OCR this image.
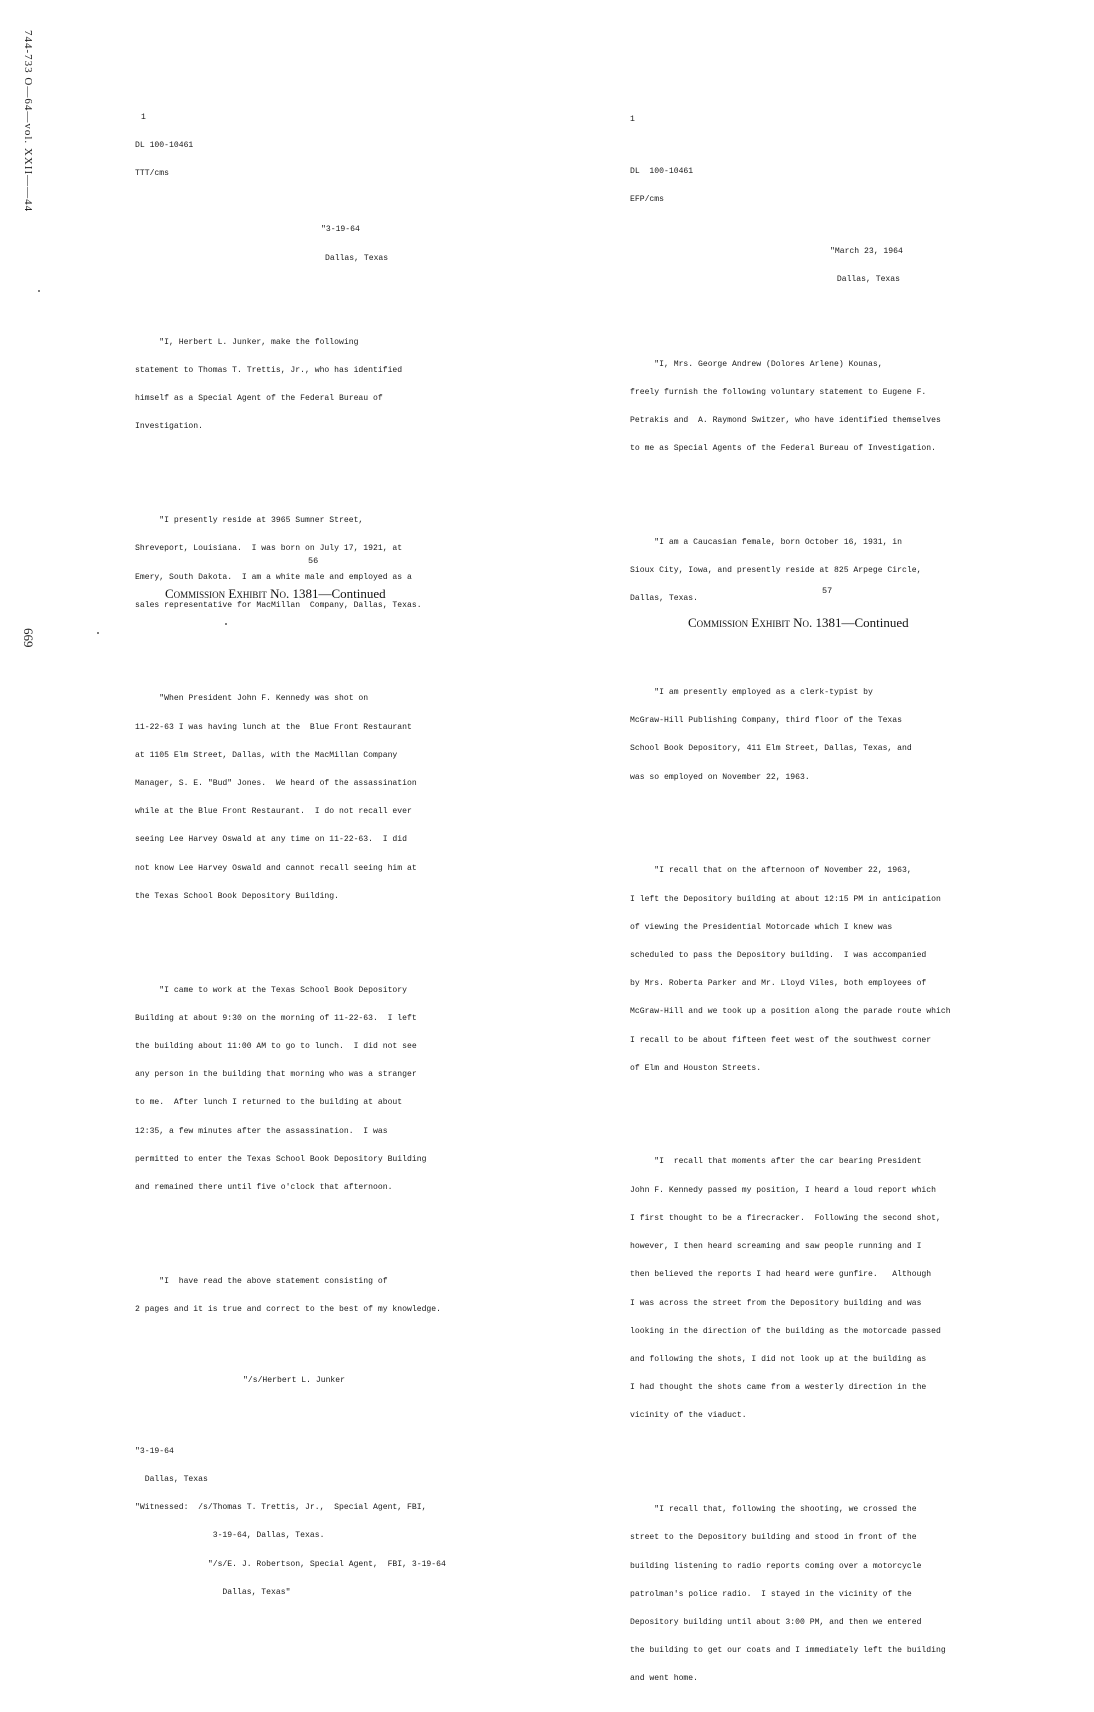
744-733 O—64—vol. XXII——44
669

1

DL 100-10461

TTT/cms

"3-19-64

Dallas, Texas

"I, Herbert L. Junker, make the following

statement to Thomas T. Trettis, Jr., who has identified

himself as a Special Agent of the Federal Bureau of

Investigation.

"I presently reside at 3965 Sumner Street,

Shreveport, Louisiana.  I was born on July 17, 1921, at

Emery, South Dakota.  I am a white male and employed as a

sales representative for MacMillan  Company, Dallas, Texas.

"When President John F. Kennedy was shot on

11-22-63 I was having lunch at the  Blue Front Restaurant

at 1105 Elm Street, Dallas, with the MacMillan Company

Manager, S. E. "Bud" Jones.  We heard of the assassination

while at the Blue Front Restaurant.  I do not recall ever

seeing Lee Harvey Oswald at any time on 11-22-63.  I did

not know Lee Harvey Oswald and cannot recall seeing him at

the Texas School Book Depository Building.

"I came to work at the Texas School Book Depository

Building at about 9:30 on the morning of 11-22-63.  I left

the building about 11:00 AM to go to lunch.  I did not see

any person in the building that morning who was a stranger

to me.  After lunch I returned to the building at about

12:35, a few minutes after the assassination.  I was

permitted to enter the Texas School Book Depository Building

and remained there until five o'clock that afternoon.

"I  have read the above statement consisting of

2 pages and it is true and correct to the best of my knowledge.

"/s/Herbert L. Junker

"3-19-64

Dallas, Texas

"Witnessed:  /s/Thomas T. Trettis, Jr.,  Special Agent, FBI,

3-19-64, Dallas, Texas.

"/s/E. J. Robertson, Special Agent,  FBI, 3-19-64

Dallas, Texas"

56
Commission Exhibit No. 1381—Continued

1

DL  100-10461

EFP/cms

"March 23, 1964

Dallas, Texas

"I, Mrs. George Andrew (Dolores Arlene) Kounas,

freely furnish the following voluntary statement to Eugene F.

Petrakis and  A. Raymond Switzer, who have identified themselves

to me as Special Agents of the Federal Bureau of Investigation.

"I am a Caucasian female, born October 16, 1931, in

Sioux City, Iowa, and presently reside at 825 Arpege Circle,

Dallas, Texas.

"I am presently employed as a clerk-typist by

McGraw-Hill Publishing Company, third floor of the Texas

School Book Depository, 411 Elm Street, Dallas, Texas, and

was so employed on November 22, 1963.

"I recall that on the afternoon of November 22, 1963,

I left the Depository building at about 12:15 PM in anticipation

of viewing the Presidential Motorcade which I knew was

scheduled to pass the Depository building.  I was accompanied

by Mrs. Roberta Parker and Mr. Lloyd Viles, both employees of

McGraw-Hill and we took up a position along the parade route which

I recall to be about fifteen feet west of the southwest corner

of Elm and Houston Streets.

"I  recall that moments after the car bearing President

John F. Kennedy passed my position, I heard a loud report which

I first thought to be a firecracker.  Following the second shot,

however, I then heard screaming and saw people running and I

then believed the reports I had heard were gunfire.   Although

I was across the street from the Depository building and was

looking in the direction of the building as the motorcade passed

and following the shots, I did not look up at the building as

I had thought the shots came from a westerly direction in the

vicinity of the viaduct.

"I recall that, following the shooting, we crossed the

street to the Depository building and stood in front of the

building listening to radio reports coming over a motorcycle

patrolman's police radio.  I stayed in the vicinity of the

Depository building until about 3:00 PM, and then we entered

the building to get our coats and I immediately left the building

and went home.

57
Commission Exhibit No. 1381—Continued
